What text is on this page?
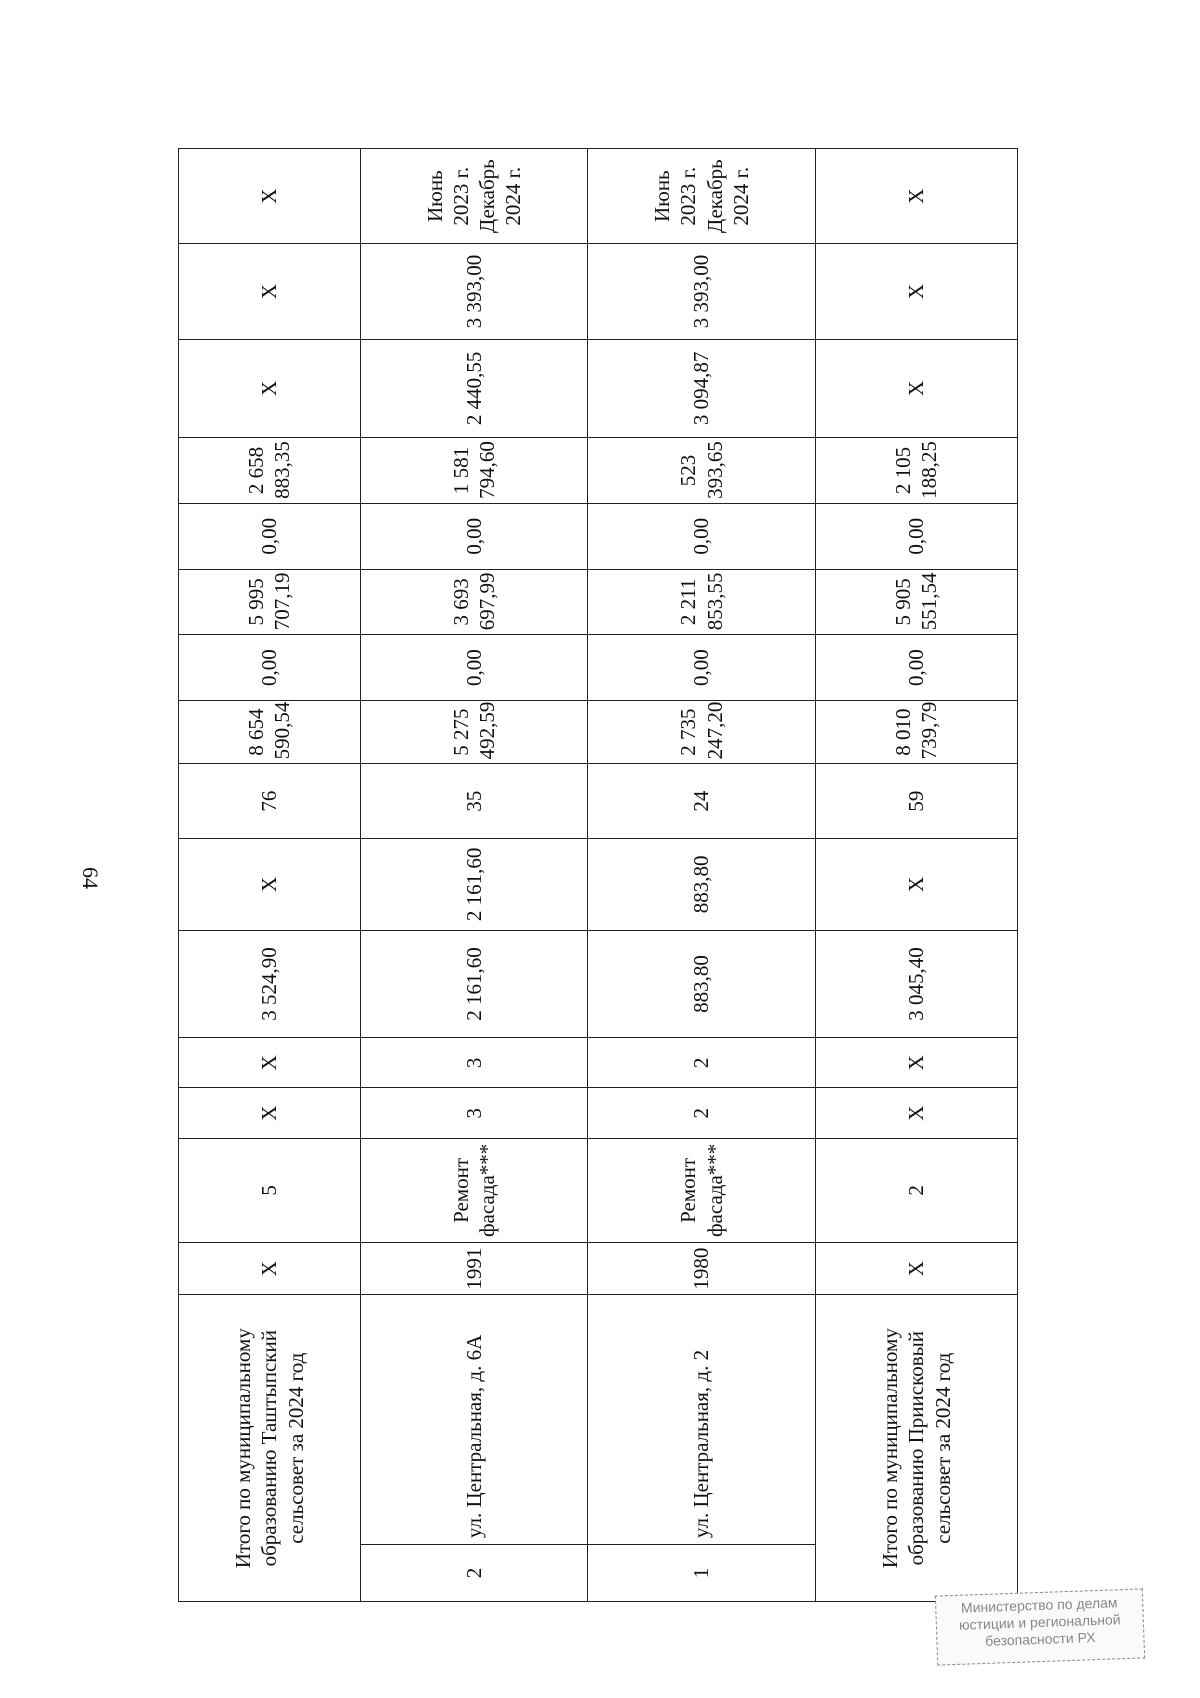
64
Итого по муниципальному образованию Таштыпский сельсовет за 2024 год		X	5	X	X	3 524,90	X	76	8 654 590,54	0,00	5 995 707,19	0,00	2 658 883,35	X	X	X
2	ул. Центральная, д. 6А	1991	Ремонт фасада***	3	3	2 161,60	2 161,60	35	5 275 492,59	0,00	3 693 697,99	0,00	1 581 794,60	2 440,55	3 393,00	Июнь 2023 г. Декабрь 2024 г.
1	ул. Центральная, д. 2	1980	Ремонт фасада***	2	2	883,80	883,80	24	2 735 247,20	0,00	2 211 853,55	0,00	523 393,65	3 094,87	3 393,00	Июнь 2023 г. Декабрь 2024 г.
Итого по муниципальному образованию Приисковый сельсовет за 2024 год		X	2	X	X	3 045,40	X	59	8 010 739,79	0,00	5 905 551,54	0,00	2 105 188,25	X	X	X
Министерство по делам
юстиции и региональной
безопасности РХ
